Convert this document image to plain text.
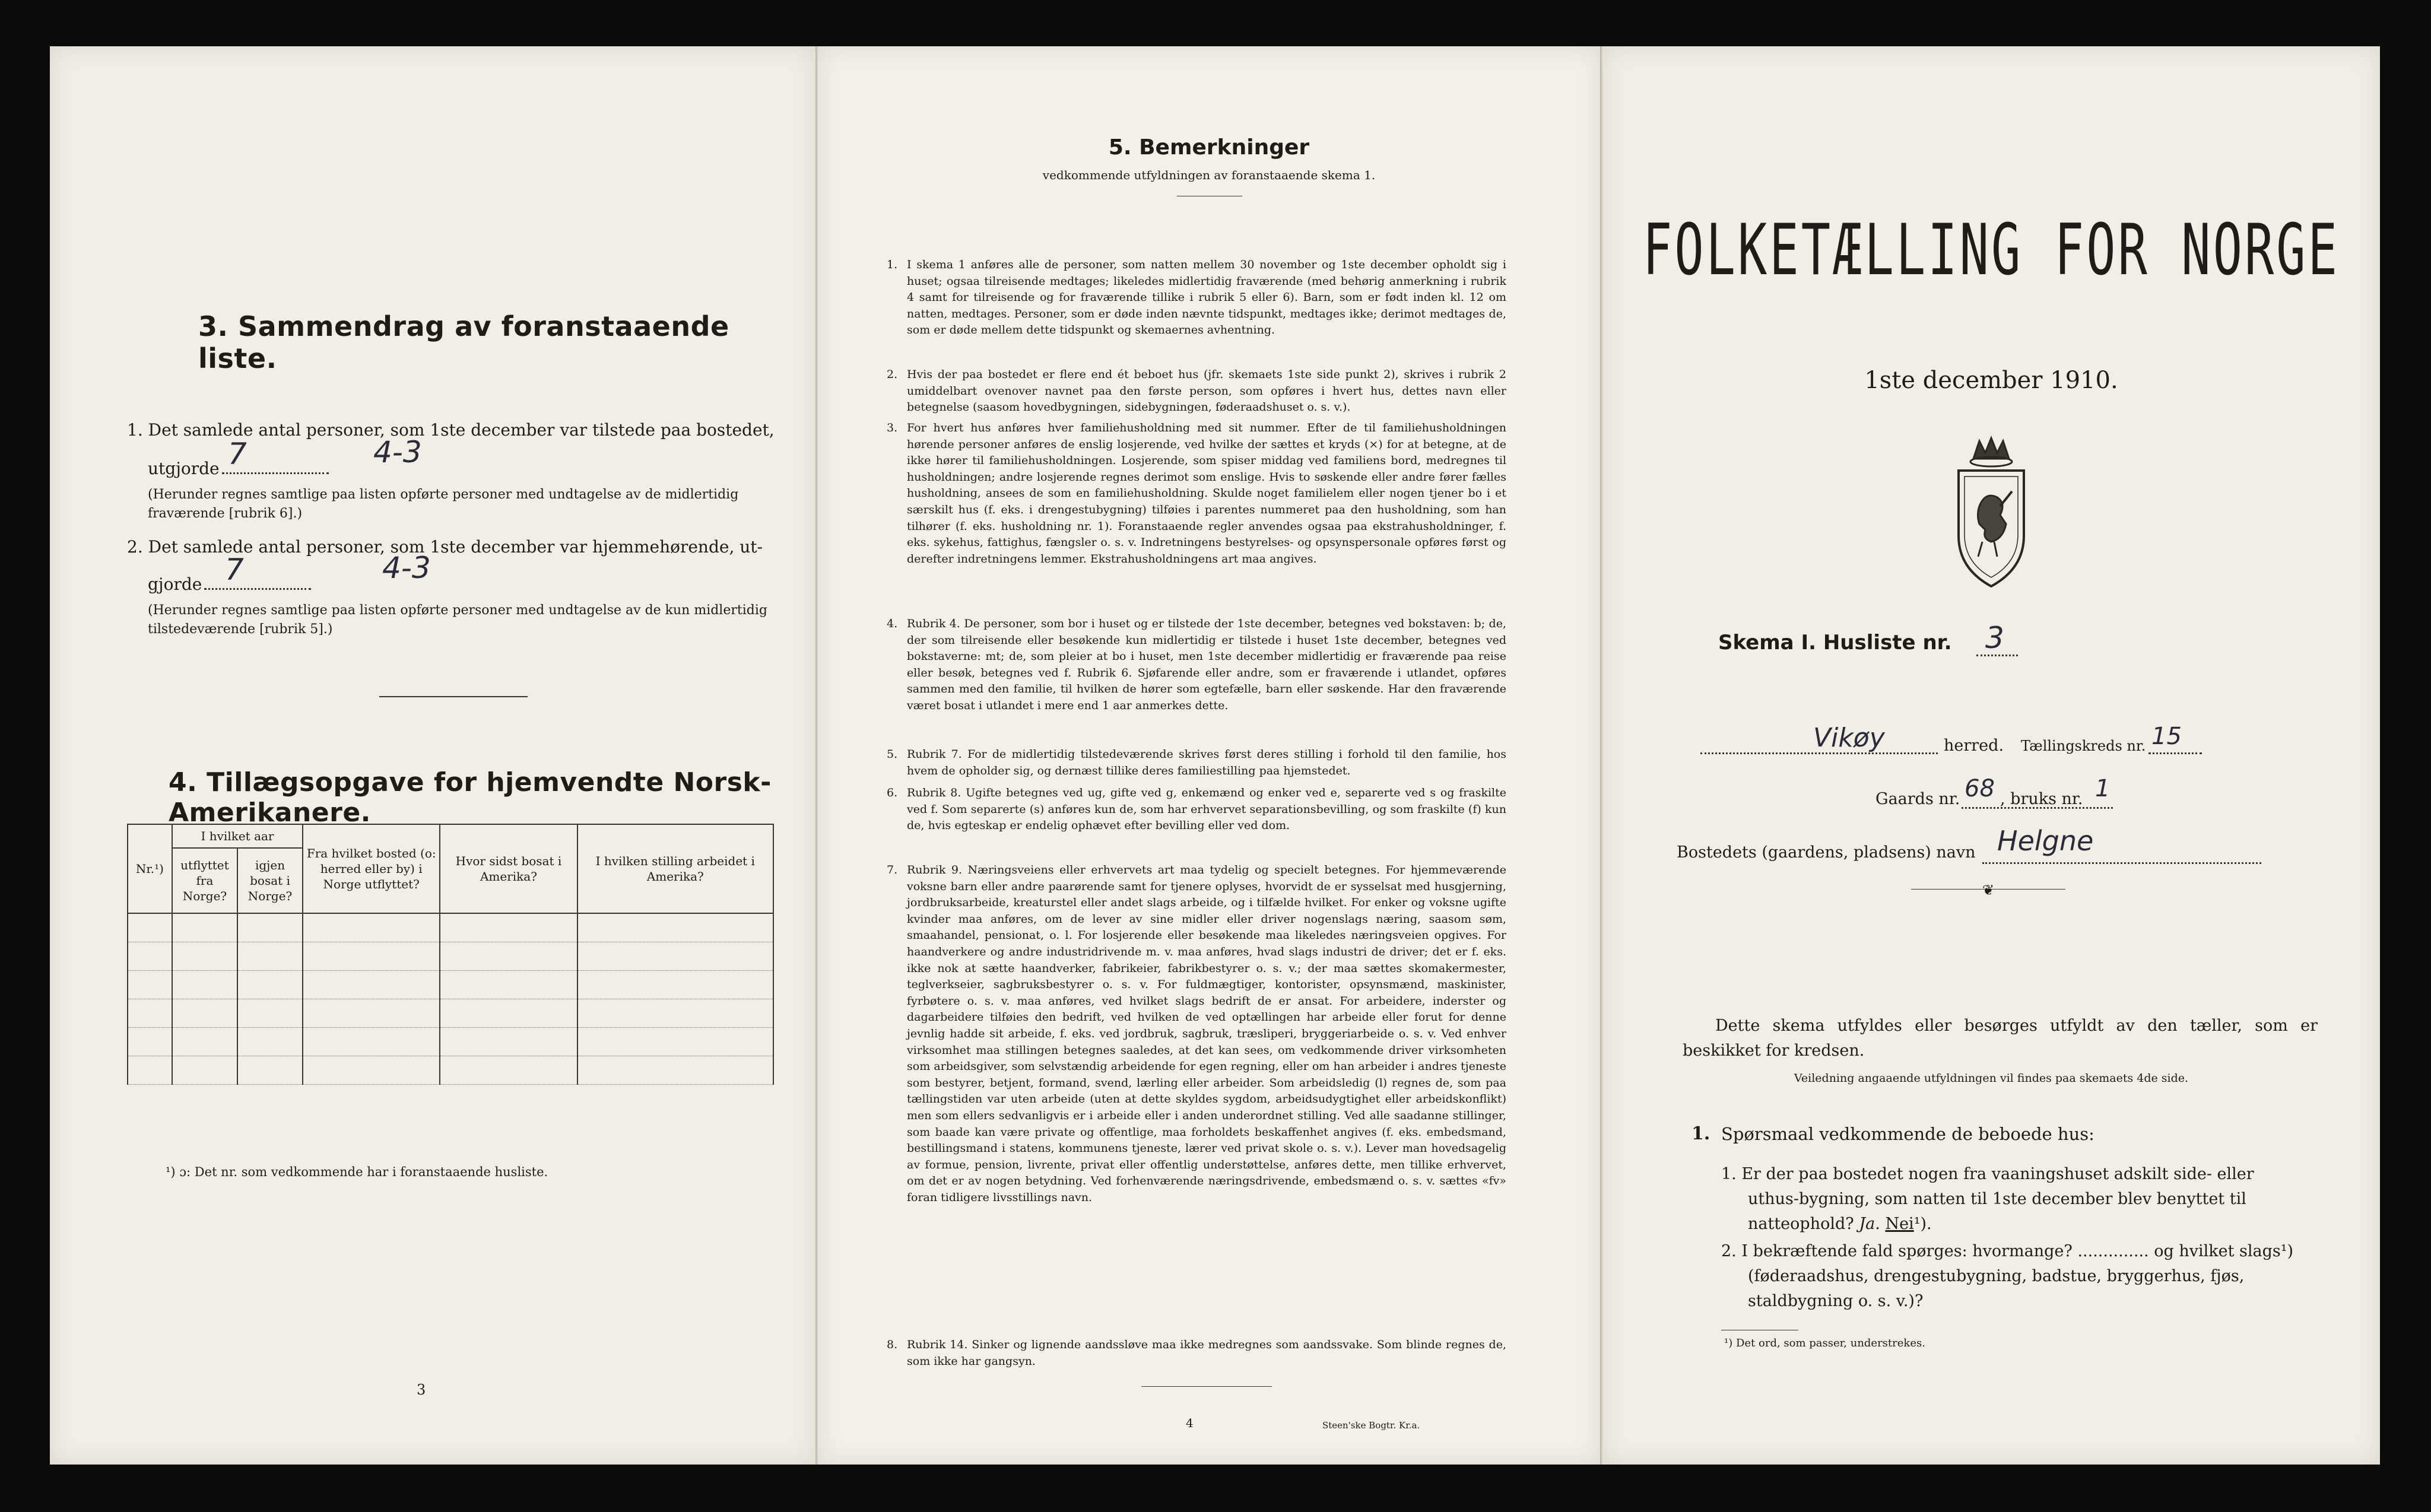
3. Sammendrag av foranstaaende liste.
1. Det samlede antal personer, som 1ste december var tilstede paa bostedet,
utgjorde 7	4-3
(Herunder regnes samtlige paa listen opførte personer med undtagelse av de midlertidig fraværende [rubrik 6].)
2. Det samlede antal personer, som 1ste december var hjemmehørende, ut-
gjorde 7	4-3
(Herunder regnes samtlige paa listen opførte personer med undtagelse av de kun midlertidig tilstedeværende [rubrik 5].)
4. Tillægsopgave for hjemvendte Norsk-Amerikanere.
Nr.¹)	I hvilket aar		Fra hvilket bosted (o: herred eller by) i Norge utflyttet?	Hvor sidst bosat i Amerika?	I hvilken stilling arbeidet i Amerika?
	utflyttet fra Norge?	igjen bosat i Norge?			

¹) ɔ: Det nr. som vedkommende har i foranstaaende husliste.
3
5. Bemerkninger
vedkommende utfyldningen av foranstaaende skema 1.
1. I skema 1 anføres alle de personer, som natten mellem 30 november og 1ste december opholdt sig i huset; ogsaa tilreisende medtages; likeledes midlertidig fraværende (med behørig anmerkning i rubrik 4 samt for tilreisende og for fraværende tillike i rubrik 5 eller 6). Barn, som er født inden kl. 12 om natten, medtages. Personer, som er døde inden nævnte tidspunkt, medtages ikke; derimot medtages de, som er døde mellem dette tidspunkt og skemaernes avhentning.
2. Hvis der paa bostedet er flere end ét beboet hus (jfr. skemaets 1ste side punkt 2), skrives i rubrik 2 umiddelbart ovenover navnet paa den første person, som opføres i hvert hus, dettes navn eller betegnelse (saasom hovedbygningen, sidebygningen, føderaadshuset o. s. v.).
3. For hvert hus anføres hver familiehusholdning med sit nummer. Efter de til familiehusholdningen hørende personer anføres de enslig losjerende, ved hvilke der sættes et kryds (×) for at betegne, at de ikke hører til familiehusholdningen. Losjerende, som spiser middag ved familiens bord, medregnes til husholdningen; andre losjerende regnes derimot som enslige. Hvis to søskende eller andre fører fælles husholdning, ansees de som en familiehusholdning. Skulde noget familielem eller nogen tjener bo i et særskilt hus (f. eks. i drengestubygning) tilføies i parentes nummeret paa den husholdning, som han tilhører (f. eks. husholdning nr. 1). Foranstaaende regler anvendes ogsaa paa ekstrahusholdninger, f. eks. sykehus, fattighus, fængsler o. s. v. Indretningens bestyrelses- og opsynspersonale opføres først og derefter indretningens lemmer. Ekstrahusholdningens art maa angives.
4. Rubrik 4. De personer, som bor i huset og er tilstede der 1ste december, betegnes ved bokstaven: b; de, der som tilreisende eller besøkende kun midlertidig er tilstede i huset 1ste december, betegnes ved bokstaverne: mt; de, som pleier at bo i huset, men 1ste december midlertidig er fraværende paa reise eller besøk, betegnes ved f. Rubrik 6. Sjøfarende eller andre, som er fraværende i utlandet, opføres sammen med den familie, til hvilken de hører som egtefælle, barn eller søskende. Har den fraværende været bosat i utlandet i mere end 1 aar anmerkes dette.
5. Rubrik 7. For de midlertidig tilstedeværende skrives først deres stilling i forhold til den familie, hos hvem de opholder sig, og dernæst tillike deres familiestilling paa hjemstedet.
6. Rubrik 8. Ugifte betegnes ved ug, gifte ved g, enkemænd og enker ved e, separerte ved s og fraskilte ved f. Som separerte (s) anføres kun de, som har erhvervet separationsbevilling, og som fraskilte (f) kun de, hvis egteskap er endelig ophævet efter bevilling eller ved dom.
7. Rubrik 9. Næringsveiens eller erhvervets art maa tydelig og specielt betegnes. For hjemmeværende voksne barn eller andre paarørende samt for tjenere oplyses, hvorvidt de er sysselsat med husgjerning, jordbruksarbeide, kreaturstel eller andet slags arbeide, og i tilfælde hvilket. For enker og voksne ugifte kvinder maa anføres, om de lever av sine midler eller driver nogenslags næring, saasom søm, smaahandel, pensionat, o. l. For losjerende eller besøkende maa likeledes næringsveien opgives. For haandverkere og andre industridrivende m. v. maa anføres, hvad slags industri de driver; det er f. eks. ikke nok at sætte haandverker, fabrikeier, fabrikbestyrer o. s. v.; der maa sættes skomakermester, teglverkseier, sagbruksbestyrer o. s. v. For fuldmægtiger, kontorister, opsynsmænd, maskinister, fyrbøtere o. s. v. maa anføres, ved hvilket slags bedrift de er ansat. For arbeidere, inderster og dagarbeidere tilføies den bedrift, ved hvilken de ved optællingen har arbeide eller forut for denne jevnlig hadde sit arbeide, f. eks. ved jordbruk, sagbruk, træsliperi, bryggeriarbeide o. s. v. Ved enhver virksomhet maa stillingen betegnes saaledes, at det kan sees, om vedkommende driver virksomheten som arbeidsgiver, som selvstændig arbeidende for egen regning, eller om han arbeider i andres tjeneste som bestyrer, betjent, formand, svend, lærling eller arbeider. Som arbeidsledig (l) regnes de, som paa tællingstiden var uten arbeide (uten at dette skyldes sygdom, arbeidsudygtighet eller arbeidskonflikt) men som ellers sedvanligvis er i arbeide eller i anden underordnet stilling. Ved alle saadanne stillinger, som baade kan være private og offentlige, maa forholdets beskaffenhet angives (f. eks. embedsmand, bestillingsmand i statens, kommunens tjeneste, lærer ved privat skole o. s. v.). Lever man hovedsagelig av formue, pension, livrente, privat eller offentlig understøttelse, anføres dette, men tillike erhvervet, om det er av nogen betydning. Ved forhenværende næringsdrivende, embedsmænd o. s. v. sættes «fv» foran tidligere livsstillings navn.
8. Rubrik 14. Sinker og lignende aandssløve maa ikke medregnes som aandssvake. Som blinde regnes de, som ikke har gangsyn.
4	Steen'ske Bogtr. Kr.a.
FOLKETÆLLING FOR NORGE
1ste december 1910.
Skema I. Husliste nr. 3
Vikøy	herred. Tællingskreds nr. 15
Gaards nr. 68 , bruks nr. 1
Bostedets (gaardens, pladsens) navn Helgne
❦
Dette skema utfyldes eller besørges utfyldt av den tæller, som er beskikket for kredsen.
Veiledning angaaende utfyldningen vil findes paa skemaets 4de side.
1. Spørsmaal vedkommende de beboede hus:
1. Er der paa bostedet nogen fra vaaningshuset adskilt side- eller uthus-bygning, som natten til 1ste december blev benyttet til natteophold? Ja. Nei¹).
2. I bekræftende fald spørges: hvormange? .............. og hvilket slags¹) (føderaadshus, drengestubygning, badstue, bryggerhus, fjøs, staldbygning o. s. v.)?
¹) Det ord, som passer, understrekes.
